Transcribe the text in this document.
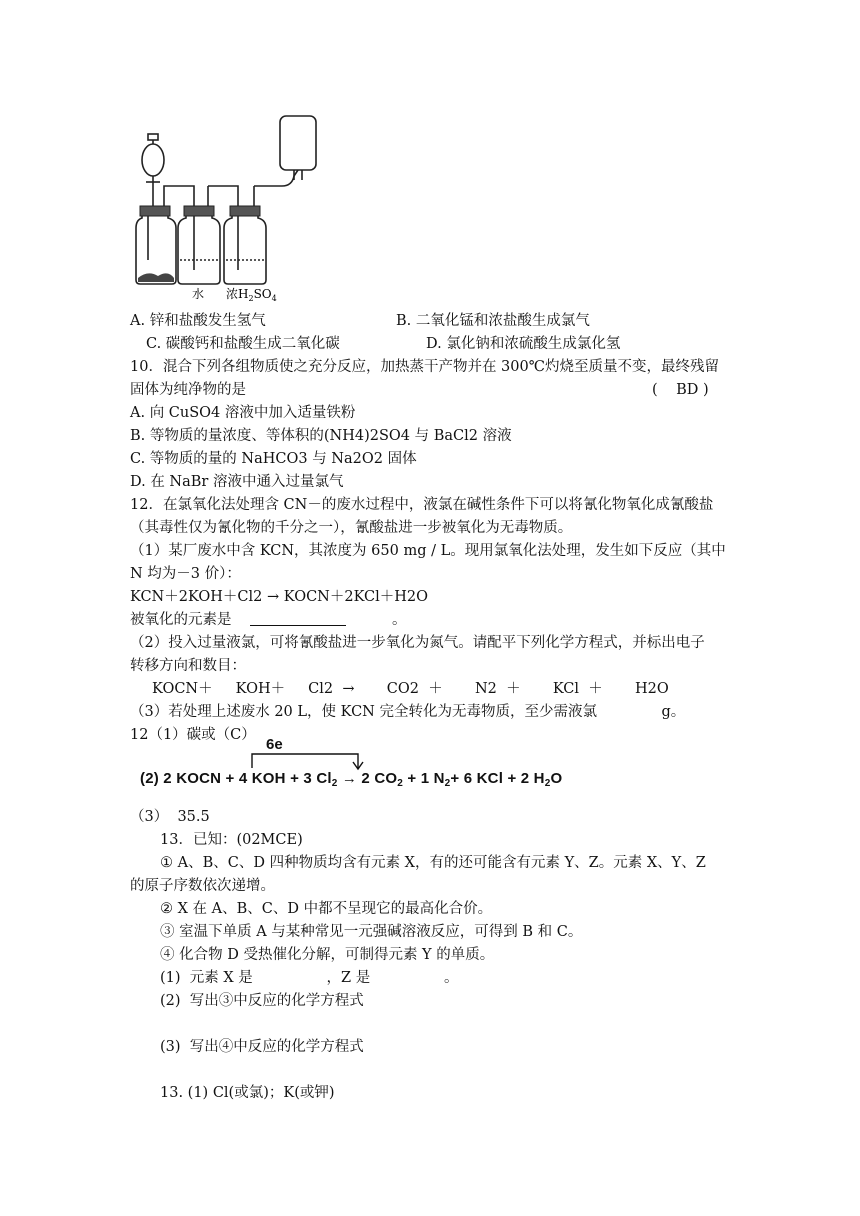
水 浓$H_2SO_4$
A. 锌和盐酸发生氢气	B. 二氧化锰和浓盐酸生成氯气
C. 碳酸钙和盐酸生成二氧化碳	D. 氯化钠和浓硫酸生成氯化氢
10．混合下列各组物质使之充分反应，加热蒸干产物并在 300℃灼烧至质量不变，最终残留
固体为纯净物的是	(    BD )
A. 向 CuSO4 溶液中加入适量铁粉
B. 等物质的量浓度、等体积的(NH4)2SO4 与 BaCl2 溶液
C. 等物质的量的 NaHCO3 与 Na2O2 固体
D. 在 NaBr 溶液中通入过量氯气
12．在氯氧化法处理含 CN－的废水过程中，液氯在碱性条件下可以将氰化物氧化成氰酸盐
（其毒性仅为氰化物的千分之一），氰酸盐进一步被氧化为无毒物质。
（1）某厂废水中含 KCN，其浓度为 650 mg / L。现用氯氧化法处理，发生如下反应（其中
N 均为－3 价）：
KCN＋2KOH＋Cl2 → KOCN＋2KCl＋H2O
被氧化的元素是	。
（2）投入过量液氯，可将氰酸盐进一步氧化为氮气。请配平下列化学方程式，并标出电子
转移方向和数目：
KOCN＋     KOH＋     Cl2  →       CO2  ＋       N2  ＋       KCl  ＋       H2O
（3）若处理上述废水 20 L，使 KCN 完全转化为无毒物质，至少需液氯	g。
12（1）碳或（C）
6e
(2) 2 KOCN + 4 KOH + 3 $Cl_2 \to 2$ $CO_2 + 1$ $N_2+ 6$ KCl + 2 $H_2O$
（3）  35.5
13．已知：(02MCE)
① A、B、C、D 四种物质均含有元素 X，有的还可能含有元素 Y、Z。元素 X、Y、Z
的原子序数依次递增。
② X 在 A、B、C、D 中都不呈现它的最高化合价。
③ 室温下单质 A 与某种常见一元强碱溶液反应，可得到 B 和 C。
④ 化合物 D 受热催化分解，可制得元素 Y 的单质。
(1)  元素 X 是                ，Z 是                。
(2)  写出③中反应的化学方程式
(3)  写出④中反应的化学方程式
13. (1) Cl(或氯)；K(或钾)
